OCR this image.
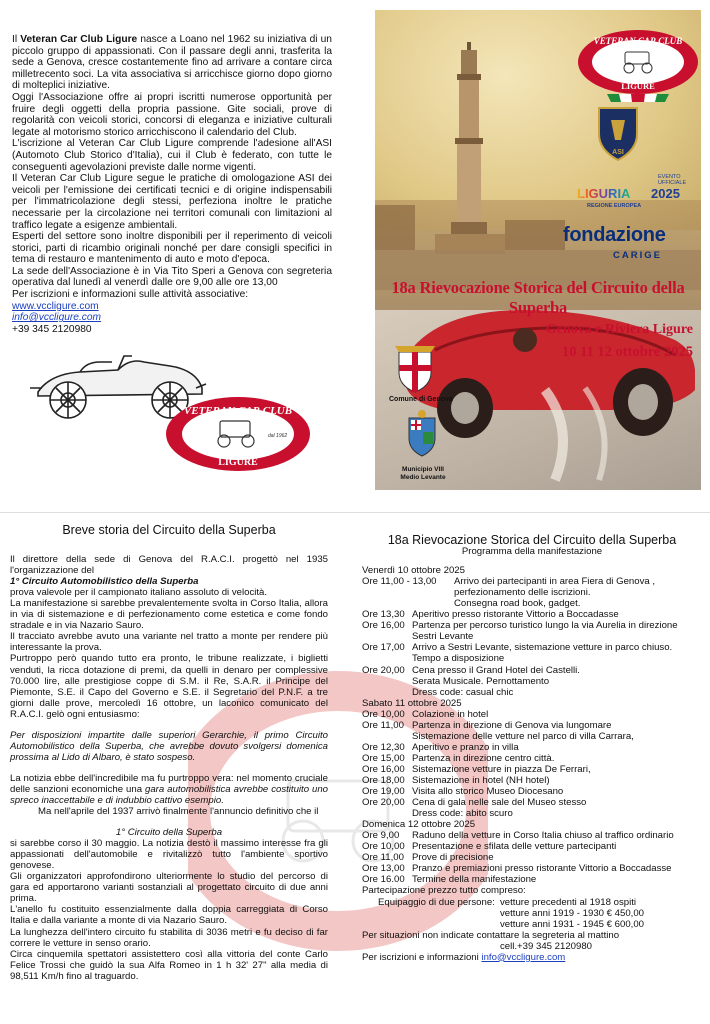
Il Veteran Car Club Ligure nasce a Loano nel 1962 su iniziativa di un piccolo gruppo di appassionati. Con il passare degli anni, trasferita la sede a Genova, cresce costantemente fino ad arrivare a contare circa milletrecento soci. La vita associativa si arricchisce giorno dopo giorno di molteplici iniziative.

Oggi l'Associazione offre ai propri iscritti numerose opportunità per fruire degli oggetti della propria passione. Gite sociali, prove di regolarità con veicoli storici, concorsi di eleganza e iniziative culturali legate al motorismo storico arricchiscono il calendario del Club.

L'iscrizione al Veteran Car Club Ligure comprende l'adesione all'ASI (Automoto Club Storico d'Italia), cui il Club è federato, con tutte le conseguenti agevolazioni previste dalle norme vigenti.

Il Veteran Car Club Ligure segue le pratiche di omologazione ASI dei veicoli per l'emissione dei certificati tecnici e di origine indispensabili per l'immatricolazione degli stessi, perfeziona inoltre le pratiche necessarie per la circolazione nei territori comunali con limitazioni al traffico legate a esigenze ambientali.

Esperti del settore sono inoltre disponibili per il reperimento di veicoli storici, parti di ricambio originali nonché per dare consigli specifici in tema di restauro e mantenimento di auto e moto d'epoca.

La sede dell'Associazione è in Via Tito Speri a Genova con segreteria operativa dal lunedì al venerdì dalle ore 9,00 alle ore 13,00

Per iscrizioni e informazioni sulle attività associative:

www.vccligure.com
info@vccligure.com
+39 345 2120980
VETERAN CAR CLUB
LIGURE
dal 1962
VETERAN CAR CLUB
LIGURE
ASI
EVENTO UFFICIALE
LIGURIA 2025
REGIONE EUROPEA
fondazione
CARIGE
18a Rievocazione Storica del Circuito della Superba
Genova e Riviera Ligure
10 11 12 ottobre 2025
Comune di Genova
Municipio VIII Medio Levante
Breve storia del Circuito della Superba

Il direttore della sede di Genova del R.A.C.I. progettò nel 1935 l'organizzazione del

1° Circuito Automobilistico della Superba

prova valevole per il campionato italiano assoluto di velocità.

La manifestazione si sarebbe prevalentemente svolta in Corso Italia, allora in via di sistemazione e di perfezionamento come estetica e come fondo stradale e in via Nazario Sauro.

Il tracciato avrebbe avuto una variante nel tratto a monte per rendere più interessante la prova.

Purtroppo però quando tutto era pronto, le tribune realizzate, i biglietti venduti, la ricca dotazione di premi, da quelli in denaro per complessive 70.000 lire, alle prestigiose coppe di S.M. il Re, S.A.R. il Principe del Piemonte, S.E. il Capo del Governo e S.E. il Segretario del P.N.F. a tre giorni dalle prove, mercoledì 16 ottobre, un laconico comunicato del R.A.C.I. gelò ogni entusiasmo:

Per disposizioni impartite dalle superiori Gerarchie, il primo Circuito Automobilistico della Superba, che avrebbe dovuto svolgersi domenica prossima al Lido di Albaro, è stato sospeso.

La notizia ebbe dell'incredibile ma fu purtroppo vera: nel momento cruciale delle sanzioni economiche una gara automobilistica avrebbe costituito uno spreco inaccettabile e di indubbio cattivo esempio.

Ma nell'aprile del 1937 arrivò finalmente l'annuncio definitivo che il

1° Circuito della Superba

si sarebbe corso il 30 maggio. La notizia destò il massimo interesse fra gli appassionati dell'automobile e rivitalizzò tutto l'ambiente sportivo genovese.

Gli organizzatori approfondirono ulteriormente lo studio del percorso di gara ed apportarono varianti sostanziali al progettato circuito di due anni prima.

L'anello fu costituito essenzialmente dalla doppia carreggiata di Corso Italia e dalla variante a monte di via Nazario Sauro.

La lunghezza dell'intero circuito fu stabilita di 3036 metri e fu deciso di far correre le vetture in senso orario.

Circa cinquemila spettatori assistettero così alla vittoria del conte Carlo Felice Trossi che guidò la sua Alfa Romeo in 1 h 32' 27" alla media di 98,511 Km/h fino al traguardo.

18a Rievocazione Storica del Circuito della Superba
Programma della manifestazione
Venerdì 10 ottobre 2025
Ore 11,00 - 13,00	Arrivo dei partecipanti in area Fiera di Genova ,
perfezionamento delle iscrizioni.
Consegna road book, gadget.
Ore 13,30 Aperitivo presso ristorante Vittorio a Boccadasse
Ore 16,00 Partenza per percorso turistico lungo la via Aurelia in direzione Sestri Levante
Ore 17,00 Arrivo a Sestri Levante, sistemazione vetture in parco chiuso. Tempo a disposizione
Ore 20,00 Cena presso il Grand Hotel dei Castelli.
Serata Musicale. Pernottamento
Dress code: casual chic
Sabato 11 ottobre 2025
Ore 10,00 Colazione in hotel
Ore 11,00 Partenza in direzione di Genova via lungomare
Sistemazione delle vetture nel parco di villa Carrara,
Ore 12,30 Aperitivo e pranzo in villa
Ore 15,00 Partenza in direzione centro città.
Ore 16,00 Sistemazione vetture in piazza De Ferrari,
Ore 18,00 Sistemazione in hotel (NH hotel)
Ore 19,00 Visita allo storico Museo Diocesano
Ore 20,00 Cena di gala nelle sale del Museo stesso
Dress code: abito scuro
Domenica 12 ottobre 2025
Ore 9,00	Raduno della vetture in Corso Italia chiuso al traffico ordinario
Ore 10,00 Presentazione e sfilata delle vetture partecipanti
Ore 11,00 Prove di precisione
Ore 13,00 Pranzo e premiazioni presso ristorante Vittorio a Boccadasse
Ore 16.00 Termine della manifestazione
Partecipazione prezzo tutto compreso:
Equipaggio di due persone: vetture precedenti al 1918 ospiti
vetture anni 1919 - 1930 € 450,00
vetture anni 1931 - 1945 € 600,00
Per situazioni non indicate contattare la segreteria al mattino
cell.+39 345 2120980
Per iscrizioni e informazioni info@vccligure.com
